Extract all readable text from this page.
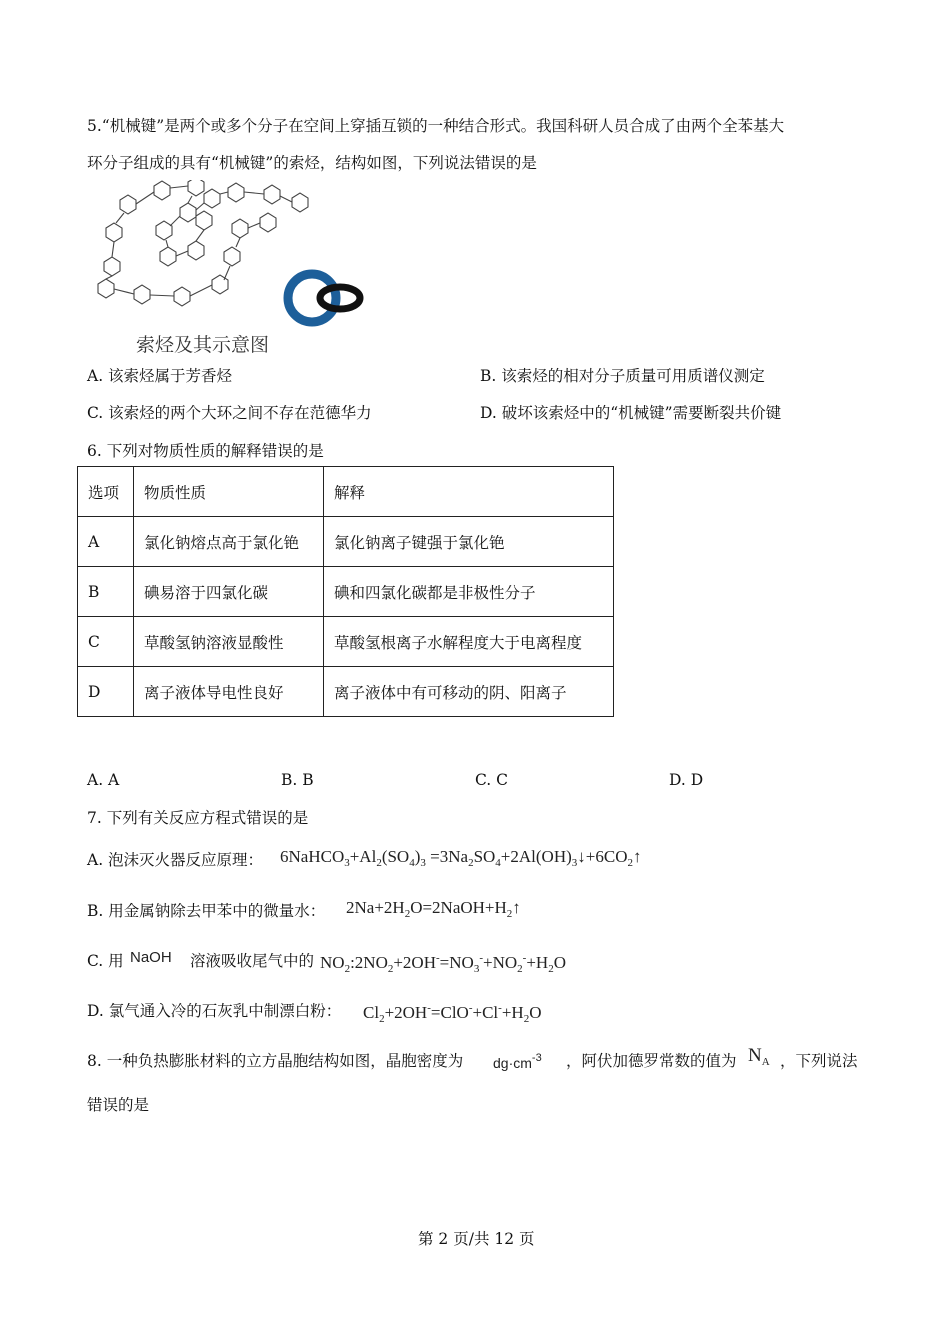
5.“机械键”是两个或多个分子在空间上穿插互锁的一种结合形式。我国科研人员合成了由两个全苯基大
环分子组成的具有“机械键”的索烃，结构如图，下列说法错误的是
索烃及其示意图
A. 该索烃属于芳香烃	B. 该索烃的相对分子质量可用质谱仪测定
C. 该索烃的两个大环之间不存在范德华力	D. 破坏该索烃中的“机械键”需要断裂共价键
6. 下列对物质性质的解释错误的是
选项	物质性质	解释
A	氯化钠熔点高于氯化铯	氯化钠离子键强于氯化铯
B	碘易溶于四氯化碳	碘和四氯化碳都是非极性分子
C	草酸氢钠溶液显酸性	草酸氢根离子水解程度大于电离程度
D	离子液体导电性良好	离子液体中有可移动的阴、阳离子
A. A	B. B	C. C	D. D
7. 下列有关反应方程式错误的是
A. 泡沫灭火器反应原理： $6NaHCO_3+Al_2(SO_4)_3$ $=3Na_2SO_4+2Al(OH)_3↓+6CO_2↑$
B. 用金属钠除去甲苯中的微量水： $2Na+2H_2O=2NaOH+H_2↑$
C. 用 NaOH 溶液吸收尾气中的 $NO_2:2NO_2+2OH^-=NO_3^-+NO_2^-+H_2O$
D. 氯气通入冷的石灰乳中制漂白粉： $Cl_2+2OH^-=ClO^-+Cl^-+H_2O$
8. 一种负热膨胀材料的立方晶胞结构如图，晶胞密度为 $dg\cdot cm^{-3}$ ，阿伏加德罗常数的值为 $N_A$ ，下列说法
错误的是
第 2 页/共 12 页
